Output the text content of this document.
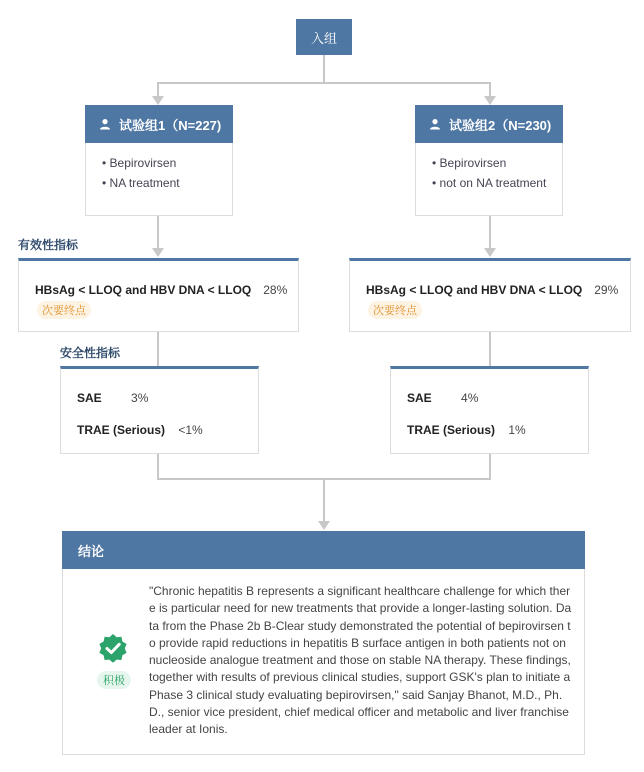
入组
试验组1（N=227)
• Bepirovirsen
• NA treatment
试验组2（N=230)
• Bepirovirsen
• not on NA treatment
有效性指标
HBsAg < LLOQ and HBV DNA < LLOQ 28%
次要终点
HBsAg < LLOQ and HBV DNA < LLOQ 29%
次要终点
安全性指标
SAE 3%
TRAE (Serious) <1%
SAE 4%
TRAE (Serious) 1%
结论
积极
"Chronic hepatitis B represents a significant healthcare challenge for which there is particular need for new treatments that provide a longer-lasting solution. Data from the Phase 2b B-Clear study demonstrated the potential of bepirovirsen to provide rapid reductions in hepatitis B surface antigen in both patients not on nucleoside analogue treatment and those on stable NA therapy. These findings, together with results of previous clinical studies, support GSK's plan to initiate a Phase 3 clinical study evaluating bepirovirsen," said Sanjay Bhanot, M.D., Ph.D., senior vice president, chief medical officer and metabolic and liver franchise leader at Ionis.
